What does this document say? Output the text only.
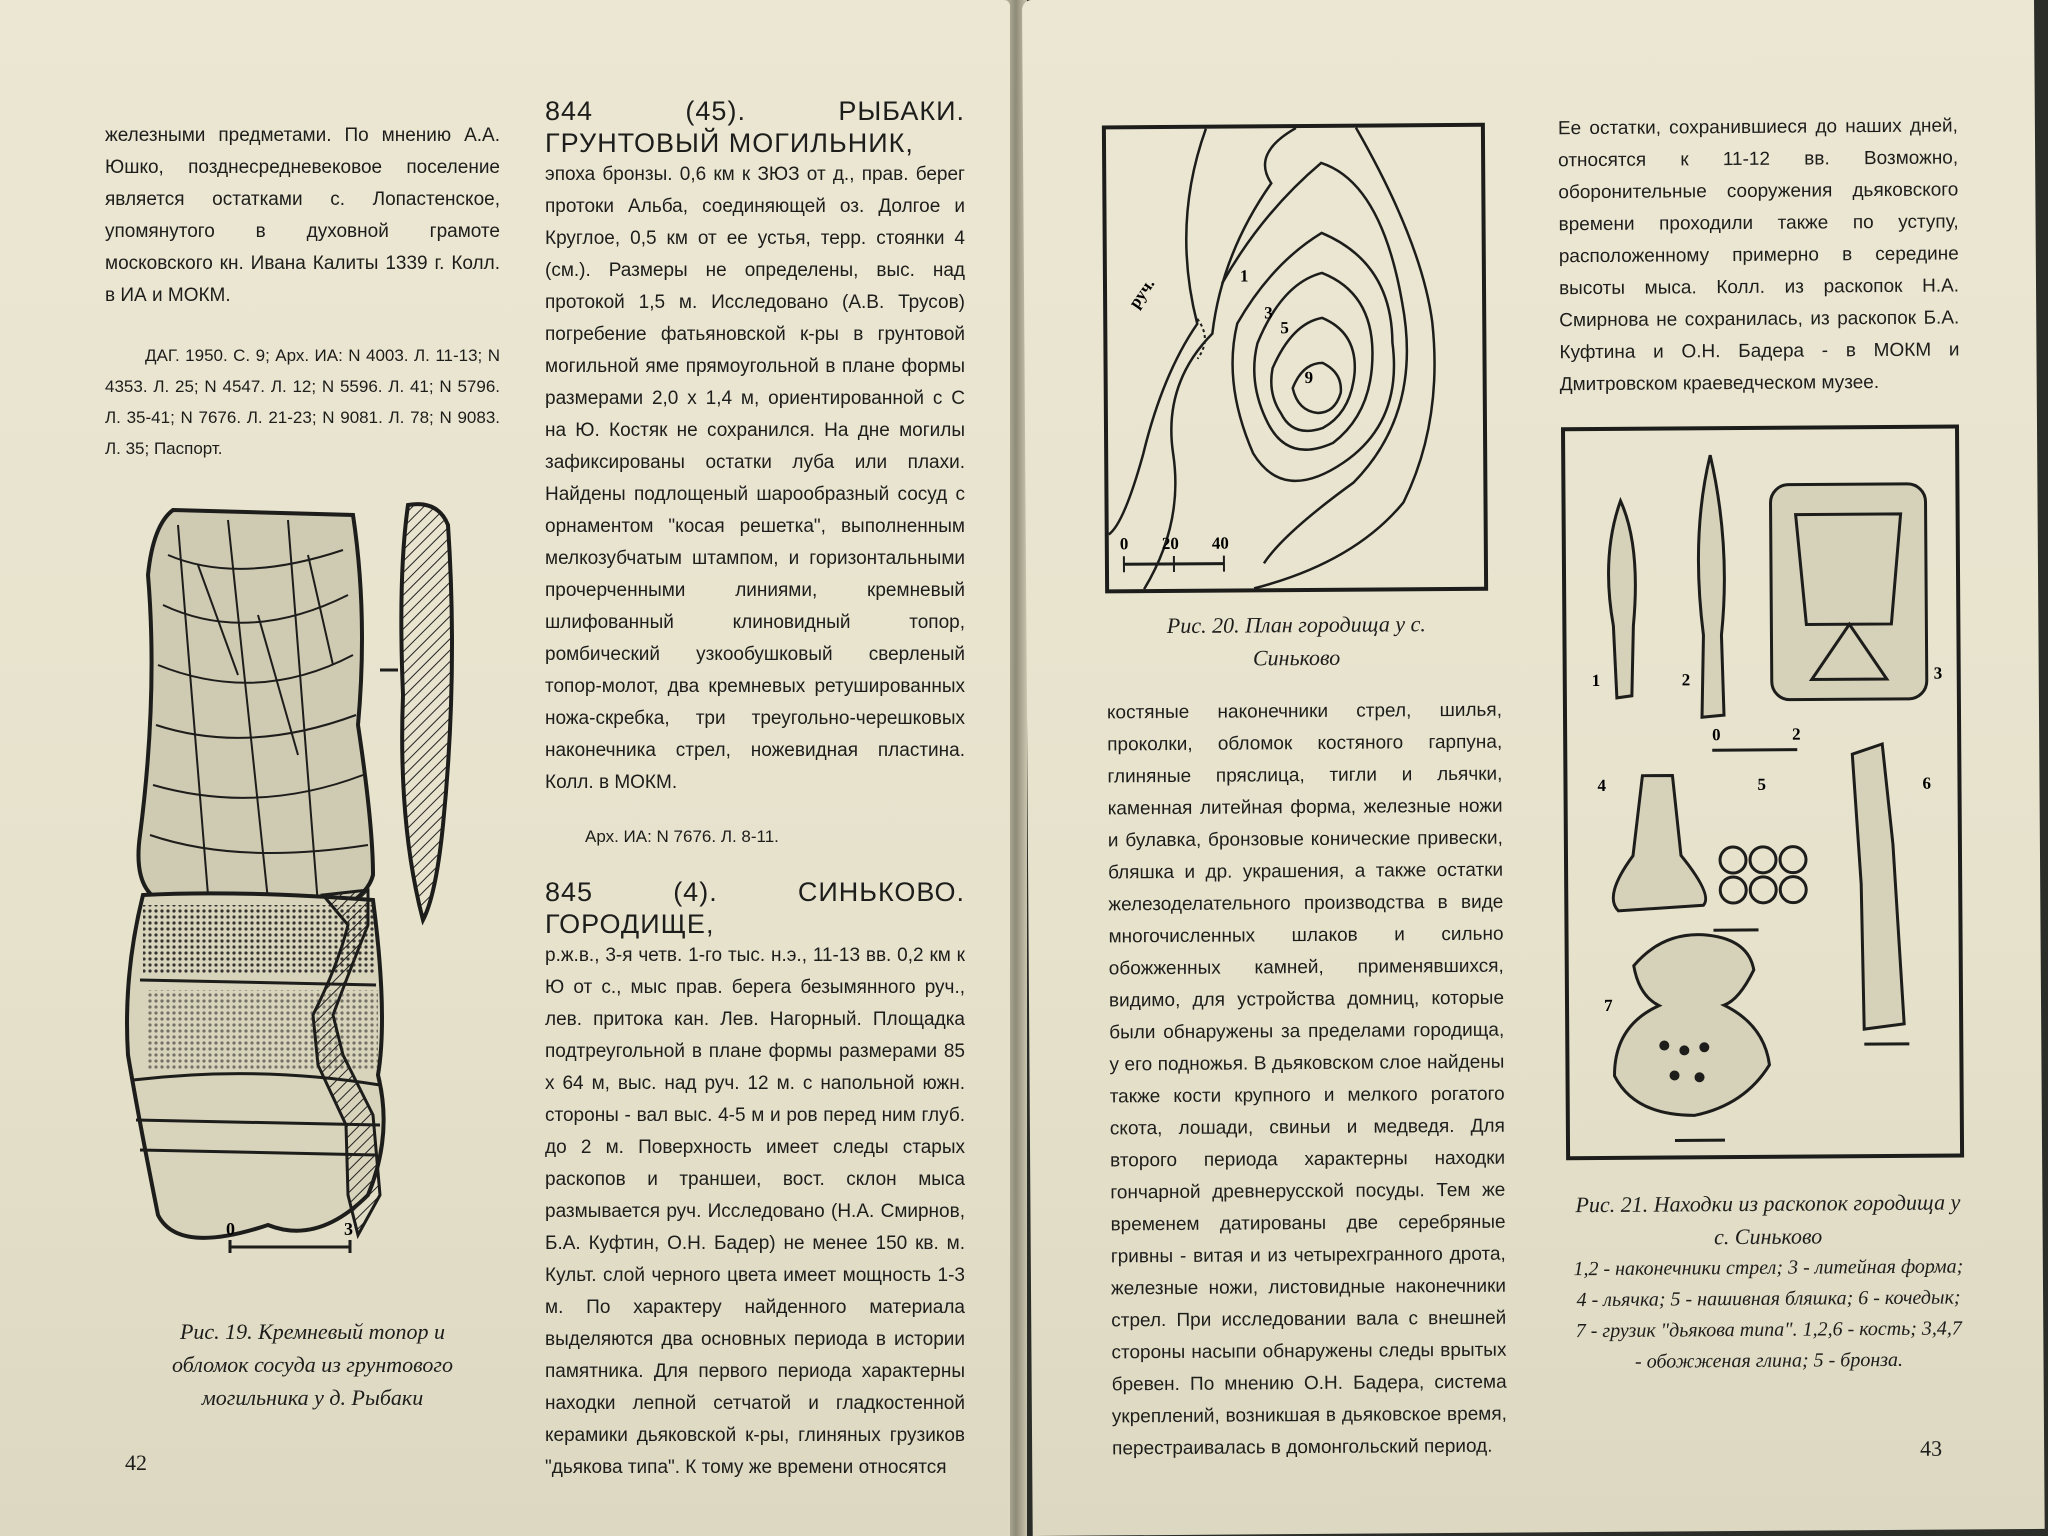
железными предметами. По мнению А.А. Юшко, позднесредневековое поселение является остатками с. Лопастенское, упомянутого в духовной грамоте московского кн. Ивана Калиты 1339 г. Колл. в ИА и МОКМ.

ДАГ. 1950. С. 9; Арх. ИА: N 4003. Л. 11-13; N 4353. Л. 25; N 4547. Л. 12; N 5596. Л. 41; N 5796. Л. 35-41; N 7676. Л. 21-23; N 9081. Л. 78; N 9083. Л. 35; Паспорт.

0	3
Рис. 19. Кремневый топор и обломок сосуда из грунтового могильника у д. Рыбаки

844 (45). РЫБАКИ. ГРУНТОВЫЙ МОГИЛЬНИК,

эпоха бронзы. 0,6 км к ЗЮЗ от д., прав. берег протоки Альба, соединяющей оз. Долгое и Круглое, 0,5 км от ее устья, терр. стоянки 4 (см.). Размеры не определены, выс. над протокой 1,5 м. Исследовано (А.В. Трусов) погребение фатьяновской к-ры в грунтовой могильной яме прямоугольной в плане формы размерами 2,0 х 1,4 м, ориентированной с С на Ю. Костяк не сохранился. На дне могилы зафиксированы остатки луба или плахи. Найдены подлощеный шарообразный сосуд с орнаментом "косая решетка", выполненным мелкозубчатым штампом, и горизонтальными прочерченными линиями, кремневый шлифованный клиновидный топор, ромбический узкообушковый сверленый топор-молот, два кремневых ретушированных ножа-скребка, три треугольно-черешковых наконечника стрел, ножевидная пластина. Колл. в МОКМ.

Арх. ИА: N 7676. Л. 8-11.

845 (4). СИНЬКОВО. ГОРОДИЩЕ,

р.ж.в., 3-я четв. 1-го тыс. н.э., 11-13 вв. 0,2 км к Ю от с., мыс прав. берега безымянного руч., лев. притока кан. Лев. Нагорный. Площадка подтреугольной в плане формы размерами 85 х 64 м, выс. над руч. 12 м. с напольной южн. стороны - вал выс. 4-5 м и ров перед ним глуб. до 2 м. Поверхность имеет следы старых раскопов и траншеи, вост. склон мыса размывается руч. Исследовано (Н.А. Смирнов, Б.А. Куфтин, О.Н. Бадер) не менее 150 кв. м. Культ. слой черного цвета имеет мощность 1-3 м. По характеру найденного материала выделяются два основных периода в истории памятника. Для первого периода характерны находки лепной сетчатой и гладкостенной керамики дьяковской к-ры, глиняных грузиков "дьякова типа". К тому же времени относятся

42
руч.	1
3
5
9
0 20 40
Рис. 20. План городища у с. Синьково

костяные наконечники стрел, шилья, проколки, обломок костяного гарпуна, глиняные пряслица, тигли и льячки, каменная литейная форма, железные ножи и булавка, бронзовые конические привески, бляшка и др. украшения, а также остатки железоделательного производства в виде многочисленных шлаков и сильно обожженных камней, применявшихся, видимо, для устройства домниц, которые были обнаружены за пределами городища, у его подножья. В дьяковском слое найдены также кости крупного и мелкого рогатого скота, лошади, свиньи и медведя. Для второго периода характерны находки гончарной древнерусской посуды. Тем же временем датированы две серебряные гривны - витая и из четырехгранного дрота, железные ножи, листовидные наконечники стрел. При исследовании вала с внешней стороны насыпи обнаружены следы врытых бревен. По мнению О.Н. Бадера, система укреплений, возникшая в дьяковское время, перестраивалась в домонгольский период.

Ее остатки, сохранившиеся до наших дней, относятся к 11-12 вв. Возможно, оборонительные сооружения дьяковского времени проходили также по уступу, расположенному примерно в середине высоты мыса. Колл. из раскопок Н.А. Смирнова не сохранилась, из раскопок Б.А. Куфтина и О.Н. Бадера - в МОКМ и Дмитровском краеведческом музее.

1	2	3
4	5	6
7
0	2
Рис. 21. Находки из раскопок городища у с. Синьково
1,2 - наконечники стрел; 3 - литейная форма; 4 - льячка; 5 - нашивная бляшка; 6 - кочедык; 7 - грузик "дьякова типа". 1,2,6 - кость; 3,4,7 - обожженая глина; 5 - бронза.
43
